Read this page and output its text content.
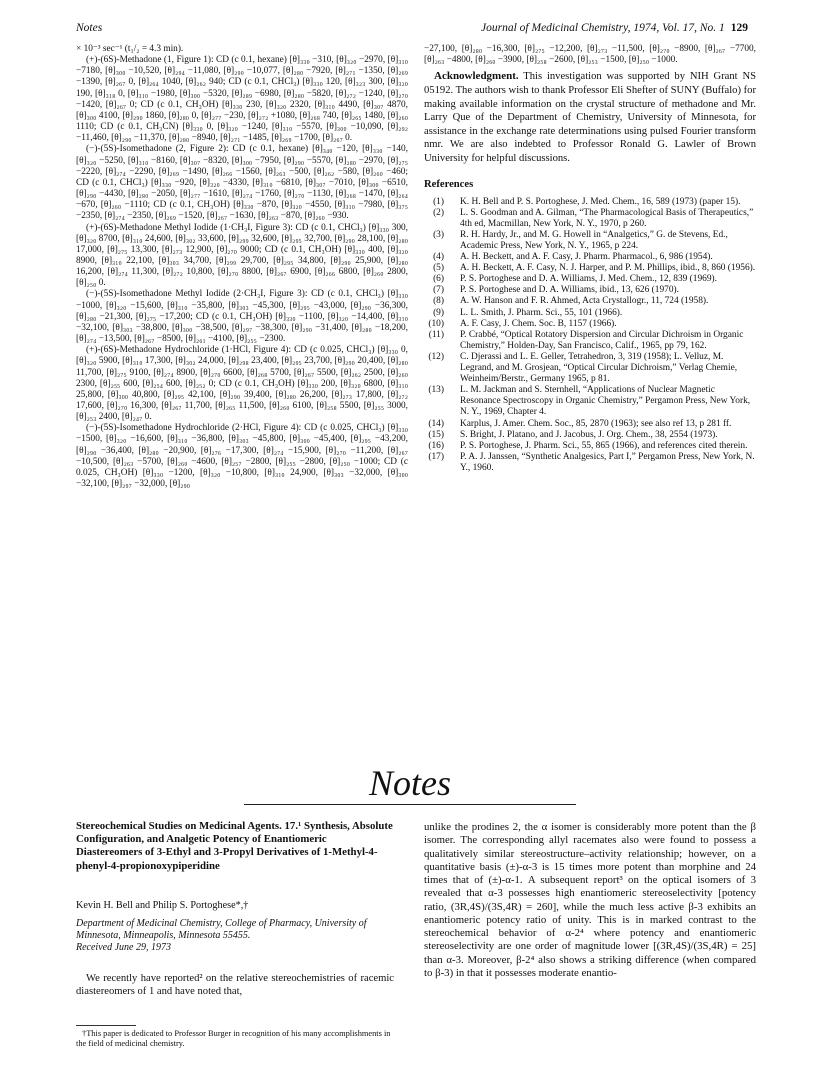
Notes	Journal of Medicinal Chemistry, 1974, Vol. 17, No. 1 129

× 10⁻³ sec⁻¹ (t₁/₂ = 4.3 min).

(+)-(6S)-Methadone (1, Figure 1): CD (c 0.1, hexane) [θ]₃₃₀ −310, [θ]₃₂₀ −2970, [θ]₃₁₀ −7180, [θ]₃₀₀ −10,520, [θ]₂₉₄ −11,080, [θ]₂₉₀ −10,077, [θ]₂₈₀ −7920, [θ]₂₇₁ −1350, [θ]₂₆₉ −1390, [θ]₂₆₇ 0, [θ]₂₆₄ 1040, [θ]₂₆₂ 940; CD (c 0.1, CHCl₃) [θ]₃₃₀ 120, [θ]₃₂₃ 300, [θ]₃₂₀ 190, [θ]₃₁₈ 0, [θ]₃₁₀ −1980, [θ]₃₀₀ −5320, [θ]₂₈₉ −6980, [θ]₂₈₀ −5820, [θ]₂₇₂ −1240, [θ]₂₇₀ −1420, [θ]₂₆₇ 0; CD (c 0.1, CH₃OH) [θ]₃₃₀ 230, [θ]₃₂₀ 2320, [θ]₃₁₀ 4490, [θ]₃₀₇ 4870, [θ]₃₀₀ 4100, [θ]₂₉₀ 1860, [θ]₂₈₀ 0, [θ]₂₇₇ −230, [θ]₂₇₂ +1080, [θ]₂₆₈ 740, [θ]₂₆₅ 1480, [θ]₂₆₀ 1110; CD (c 0.1, CH₃CN) [θ]₃₃₀ 0, [θ]₃₂₀ −1240, [θ]₃₁₀ −5570, [θ]₃₀₀ −10,090, [θ]₂₉₂ −11,460, [θ]₂₉₀ −11,370, [θ]₂₈₀ −8940, [θ]₂₇₁ −1485, [θ]₂₆₉ −1700, [θ]₂₆₇ 0.

(−)-(5S)-Isomethadone (2, Figure 2): CD (c 0.1, hexane) [θ]₃₄₀ −120, [θ]₃₃₀ −140, [θ]₃₂₀ −5250, [θ]₃₁₀ −8160, [θ]₃₀₇ −8320, [θ]₃₀₀ −7950, [θ]₂₉₀ −5570, [θ]₂₈₀ −2970, [θ]₂₇₅ −2220, [θ]₂₇₄ −2290, [θ]₂₆₉ −1490, [θ]₂₆₆ −1560, [θ]₂₆₃ −500, [θ]₂₆₂ −580, [θ]₂₆₀ −460; CD (c 0.1, CHCl₃) [θ]₃₃₀ −920, [θ]₃₂₀ −4330, [θ]₃₁₀ −6810, [θ]₃₀₇ −7010, [θ]₃₀₀ −6510, [θ]₂₉₀ −4430, [θ]₂₈₀ −2050, [θ]₂₇₇ −1610, [θ]₂₇₄ −1760, [θ]₂₇₀ −1130, [θ]₂₆₈ −1470, [θ]₂₆₄ −670, [θ]₂₆₀ −1110; CD (c 0.1, CH₃OH) [θ]₃₃₀ −870, [θ]₃₂₀ −4550, [θ]₃₁₀ −7980, [θ]₃₇₅ −2350, [θ]₂₇₄ −2350, [θ]₂₆₉ −1520, [θ]₂₆₇ −1630, [θ]₂₆₃ −870, [θ]₂₆₀ −930.

(+)-(6S)-Methadone Methyl Iodide (1·CH₃I, Figure 3): CD (c 0.1, CHCl₃) [θ]₃₃₀ 300, [θ]₃₂₀ 8700, [θ]₃₁₀ 24,600, [θ]₃₀₂ 33,600, [θ]₂₉₉ 32,600, [θ]₂₉₅ 32,700, [θ]₂₉₀ 28,100, [θ]₂₈₀ 17,000, [θ]₂₇₅ 13,300, [θ]₂₇₃ 12,900, [θ]₂₇₀ 9000; CD (c 0.1, CH₃OH) [θ]₃₃₀ 400, [θ]₃₂₀ 8900, [θ]₃₁₀ 22,100, [θ]₃₀₃ 34,700, [θ]₂₉₉ 29,700, [θ]₂₉₅ 34,800, [θ]₂₉₀ 25,900, [θ]₂₈₀ 16,200, [θ]₂₇₄ 11,300, [θ]₂₇₂ 10,800, [θ]₂₇₀ 8800, [θ]₂₆₇ 6900, [θ]₂₆₆ 6800, [θ]₂₆₀ 2800, [θ]₂₅₀ 0.

(−)-(5S)-Isomethadone Methyl Iodide (2·CH₃I, Figure 3): CD (c 0.1, CHCl₃) [θ]₃₃₀ −1000, [θ]₃₂₀ −15,600, [θ]₃₁₀ −35,800, [θ]₃₀₃ −45,300, [θ]₂₉₅ −43,000, [θ]₂₉₀ −36,300, [θ]₂₈₀ −21,300, [θ]₂₇₅ −17,200; CD (c 0.1, CH₃OH) [θ]₃₃₀ −1100, [θ]₃₂₀ −14,400, [θ]₃₁₀ −32,100, [θ]₃₀₃ −38,800, [θ]₃₀₀ −38,500, [θ]₂₉₇ −38,300, [θ]₂₉₀ −31,400, [θ]₂₈₀ −18,200, [θ]₂₇₄ −13,500, [θ]₂₆₇ −8500, [θ]₂₆₁ −4100, [θ]₂₅₅ −2300.

(+)-(6S)-Methadone Hydrochloride (1·HCl, Figure 4): CD (c 0.025, CHCl₃) [θ]₃₃₀ 0, [θ]₃₂₀ 5900, [θ]₃₁₀ 17,300, [θ]₃₀₂ 24,000, [θ]₂₉₈ 23,400, [θ]₂₉₅ 23,700, [θ]₂₉₀ 20,400, [θ]₂₈₀ 11,700, [θ]₂₇₅ 9100, [θ]₂₇₄ 8900, [θ]₂₇₀ 6600, [θ]₂₆₈ 5700, [θ]₂₆₇ 5500, [θ]₂₆₂ 2500, [θ]₂₆₀ 2300, [θ]₂₅₅ 600, [θ]₂₅₄ 600, [θ]₂₅₂ 0; CD (c 0.1, CH₃OH) [θ]₃₃₀ 200, [θ]₃₂₀ 6800, [θ]₃₁₀ 25,800, [θ]₃₀₀ 40,800, [θ]₂₉₅ 42,100, [θ]₂₉₀ 39,400, [θ]₂₈₀ 26,200, [θ]₂₇₃ 17,800, [θ]₂₇₂ 17,600, [θ]₂₇₀ 16,300, [θ]₂₆₇ 11,700, [θ]₂₆₅ 11,500, [θ]₂₆₀ 6100, [θ]₂₅₈ 5500, [θ]₂₅₅ 3000, [θ]₂₅₃ 2400, [θ]₂₄₇ 0.

(−)-(5S)-Isomethadone Hydrochloride (2·HCl, Figure 4): CD (c 0.025, CHCl₃) [θ]₃₃₀ −1500, [θ]₃₂₀ −16,600, [θ]₃₁₀ −36,800, [θ]₃₀₃ −45,800, [θ]₃₀₀ −45,400, [θ]₂₉₅ −43,200, [θ]₂₉₀ −36,400, [θ]₂₈₀ −20,900, [θ]₂₇₆ −17,300, [θ]₂₇₄ −15,900, [θ]₂₇₀ −11,200, [θ]₂₆₇ −10,500, [θ]₂₆₃ −5700, [θ]₂₆₀ −4600, [θ]₂₅₇ −2800, [θ]₂₅₅ −2800, [θ]₂₅₀ −1000; CD (c 0.025, CH₃OH) [θ]₃₃₀ −1200, [θ]₃₂₀ −10,800, [θ]₃₁₀ 24,900, [θ]₃₀₃ −32,000, [θ]₃₀₀ −32,100, [θ]₂₉₇ −32,000, [θ]₂₉₀

−27,100, [θ]₂₈₀ −16,300, [θ]₂₇₅ −12,200, [θ]₂₇₃ −11,500, [θ]₂₇₀ −8900, [θ]₂₆₇ −7700, [θ]₂₆₃ −4800, [θ]₂₆₀ −3900, [θ]₂₅₈ −2600, [θ]₂₅₃ −1500, [θ]₂₅₀ −1000.

Acknowledgment. This investigation was supported by NIH Grant NS 05192. The authors wish to thank Professor Eli Shefter of SUNY (Buffalo) for making available information on the crystal structure of methadone and Mr. Larry Que of the Department of Chemistry, University of Minnesota, for assistance in the exchange rate determinations using pulsed Fourier transform nmr. We are also indebted to Professor Ronald G. Lawler of Brown University for helpful discussions.

References
(1) K. H. Bell and P. S. Portoghese, J. Med. Chem., 16, 589 (1973) (paper 15).
(2) L. S. Goodman and A. Gilman, “The Pharmacological Basis of Therapeutics,” 4th ed, Macmillan, New York, N. Y., 1970, p 260.
(3) R. H. Hardy, Jr., and M. G. Howell in “Analgetics,” G. de Stevens, Ed., Academic Press, New York, N. Y., 1965, p 224.
(4) A. H. Beckett, and A. F. Casy, J. Pharm. Pharmacol., 6, 986 (1954).
(5) A. H. Beckett, A. F. Casy, N. J. Harper, and P. M. Phillips, ibid., 8, 860 (1956).
(6) P. S. Portoghese and D. A. Williams, J. Med. Chem., 12, 839 (1969).
(7) P. S. Portoghese and D. A. Williams, ibid., 13, 626 (1970).
(8) A. W. Hanson and F. R. Ahmed, Acta Crystallogr., 11, 724 (1958).
(9) L. L. Smith, J. Pharm. Sci., 55, 101 (1966).
(10) A. F. Casy, J. Chem. Soc. B, 1157 (1966).
(11) P. Crabbé, “Optical Rotatory Dispersion and Circular Dichroism in Organic Chemistry,” Holden-Day, San Francisco, Calif., 1965, pp 79, 162.
(12) C. Djerassi and L. E. Geller, Tetrahedron, 3, 319 (1958); L. Velluz, M. Legrand, and M. Grosjean, “Optical Circular Dichroism,” Verlag Chemie, Weinheim/Berstr., Germany 1965, p 81.
(13) L. M. Jackman and S. Sternhell, “Applications of Nuclear Magnetic Resonance Spectroscopy in Organic Chemistry,” Pergamon Press, New York, N. Y., 1969, Chapter 4.
(14) Karplus, J. Amer. Chem. Soc., 85, 2870 (1963); see also ref 13, p 281 ff.
(15) S. Bright, J. Platano, and J. Jacobus, J. Org. Chem., 38, 2554 (1973).
(16) P. S. Portoghese, J. Pharm. Sci., 55, 865 (1966), and references cited therein.
(17) P. A. J. Janssen, “Synthetic Analgesics, Part I,” Pergamon Press, New York, N. Y., 1960.
Notes
Stereochemical Studies on Medicinal Agents. 17.¹ Synthesis, Absolute Configuration, and Analgetic Potency of Enantiomeric Diastereomers of 3-Ethyl and 3-Propyl Derivatives of 1-Methyl-4-phenyl-4-propionoxypiperidine
Kevin H. Bell and Philip S. Portoghese*,†
Department of Medicinal Chemistry, College of Pharmacy, University of Minnesota, Minneapolis, Minnesota 55455.
Received June 29, 1973
We recently have reported² on the relative stereochemistries of racemic diastereomers of 1 and have noted that,
†This paper is dedicated to Professor Burger in recognition of his many accomplishments in the field of medicinal chemistry.
unlike the prodines 2, the α isomer is considerably more potent than the β isomer. The corresponding allyl racemates also were found to possess a qualitatively similar stereostructure–activity relationship; however, on a quantitative basis (±)-α-3 is 15 times more potent than morphine and 24 times that of (±)-α-1. A subsequent report³ on the optical isomers of 3 revealed that α-3 possesses high enantiomeric stereoselectivity [potency ratio, (3R,4S)/(3S,4R) = 260], while the much less active β-3 exhibits an enantiomeric potency ratio of unity. This is in marked contrast to the stereochemical behavior of α-2⁴ where potency and enantiomeric stereoselectivity are one order of magnitude lower [(3R,4S)/(3S,4R) = 25] than α-3. Moreover, β-2⁴ also shows a striking difference (when compared to β-3) in that it possesses moderate enantio-
